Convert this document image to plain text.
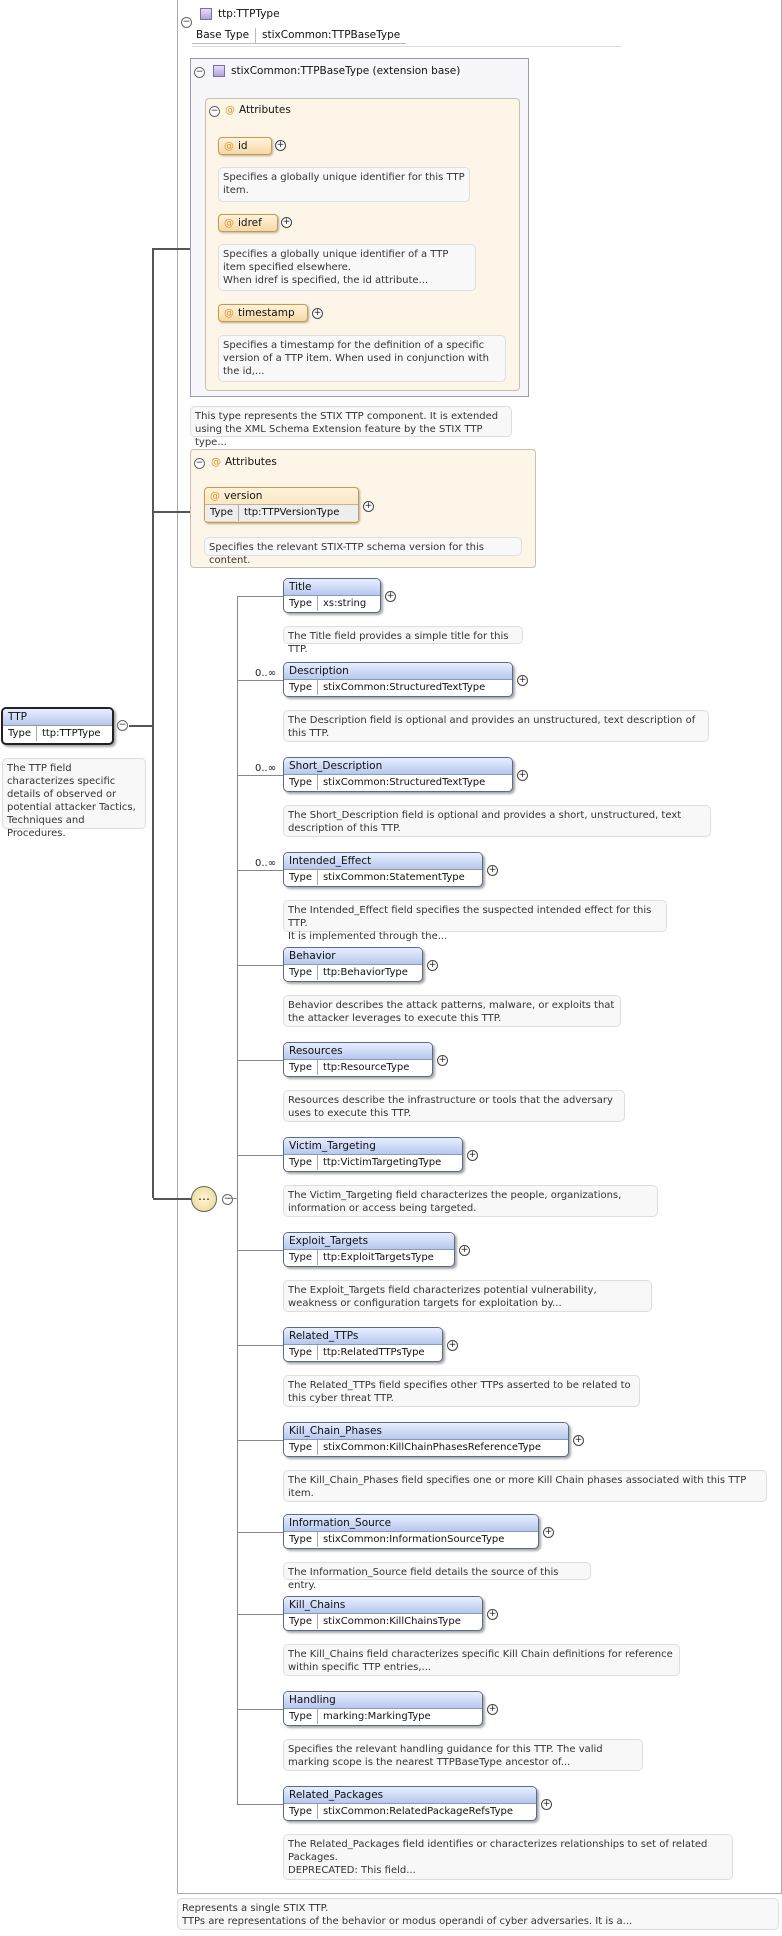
−
ttp:TTPType
Base Type	stixCommon:TTPBaseType
−	stixCommon:TTPBaseType (extension base)
− @ Attributes
@ id	+
Specifies a globally unique identifier for this TTP item.
@ idref	+
Specifies a globally unique identifier of a TTP item specified elsewhere.
When idref is specified, the id attribute...
@ timestamp	+
Specifies a timestamp for the definition of a specific version of a TTP item. When used in conjunction with the id,...
This type represents the STIX TTP component. It is extended using the XML Schema Extension feature by the STIX TTP type...
− @ Attributes
@ version
Type	ttp:TTPVersionType
+
Specifies the relevant STIX-TTP schema version for this content.
TTP
Type	ttp:TTPType
−
The TTP field characterizes specific details of observed or potential attacker Tactics, Techniques and Procedures.
⋯	−
Title
Type	xs:string
+
The Title field provides a simple title for this TTP.
0..∞	Description
Type	stixCommon:StructuredTextType
+
The Description field is optional and provides an unstructured, text description of this TTP.
0..∞	Short_Description
Type	stixCommon:StructuredTextType
+
The Short_Description field is optional and provides a short, unstructured, text description of this TTP.
0..∞	Intended_Effect
Type	stixCommon:StatementType
+
The Intended_Effect field specifies the suspected intended effect for this TTP.
It is implemented through the...
Behavior
Type	ttp:BehaviorType
+
Behavior describes the attack patterns, malware, or exploits that the attacker leverages to execute this TTP.
Resources
Type	ttp:ResourceType
+
Resources describe the infrastructure or tools that the adversary uses to execute this TTP.
Victim_Targeting
Type	ttp:VictimTargetingType
+
The Victim_Targeting field characterizes the people, organizations, information or access being targeted.
Exploit_Targets
Type	ttp:ExploitTargetsType
+
The Exploit_Targets field characterizes potential vulnerability, weakness or configuration targets for exploitation by...
Related_TTPs
Type	ttp:RelatedTTPsType
+
The Related_TTPs field specifies other TTPs asserted to be related to this cyber threat TTP.
Kill_Chain_Phases
Type	stixCommon:KillChainPhasesReferenceType
+
The Kill_Chain_Phases field specifies one or more Kill Chain phases associated with this TTP item.
Information_Source
Type	stixCommon:InformationSourceType
+
The Information_Source field details the source of this entry.
Kill_Chains
Type	stixCommon:KillChainsType
+
The Kill_Chains field characterizes specific Kill Chain definitions for reference within specific TTP entries,...
Handling
Type	marking:MarkingType
+
Specifies the relevant handling guidance for this TTP. The valid marking scope is the nearest TTPBaseType ancestor of...
Related_Packages
Type	stixCommon:RelatedPackageRefsType
+
The Related_Packages field identifies or characterizes relationships to set of related Packages.
DEPRECATED: This field...
Represents a single STIX TTP.
TTPs are representations of the behavior or modus operandi of cyber adversaries. It is a...
